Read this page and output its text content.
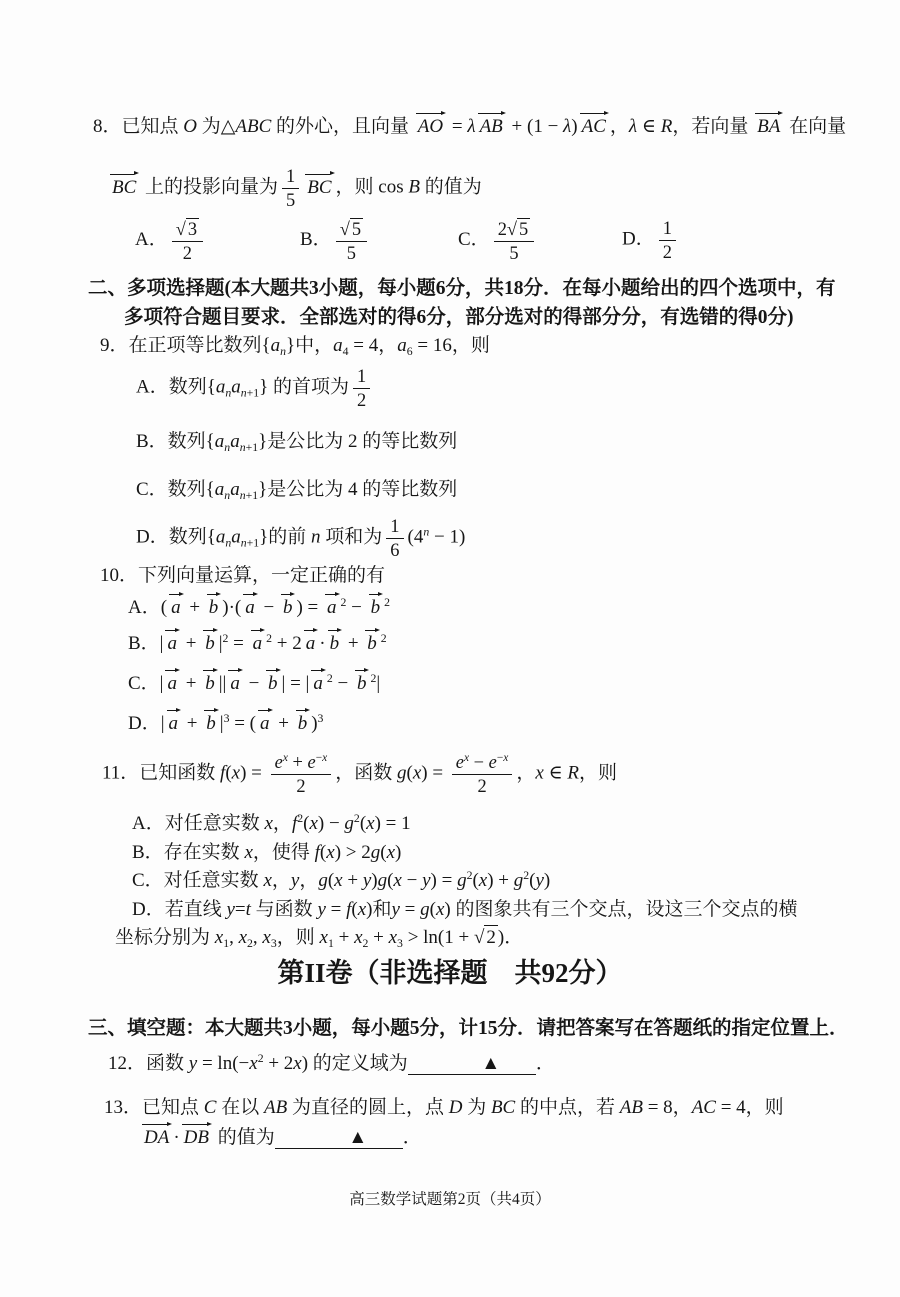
8．已知点 O 为△ABC 的外心，且向量 AO = λ AB + (1 − λ) AC ，λ ∈ R，若向量 BA 在向量
BC 上的投影向量为 $\frac{1}{5}$ BC ，则 cos B 的值为
A． $\frac{√ 3}{2}$	B． $\frac{√ 5}{5}$	C． $\frac{2√ 5}{5}$	D． $\frac{1}{2}$
二、多项选择题(本大题共3小题，每小题6分，共18分．在每小题给出的四个选项中，有
多项符合题目要求．全部选对的得6分，部分选对的得部分分，有选错的得0分)
9．在正项等比数列$\{a_n\}$中，$a_4 = 4$，$a_6 = 16$，则
A．数列$\{a_na_{n+1}\}$ 的首项为 $\frac{1}{2}$
B．数列$\{a_na_{n+1}\}$是公比为 2 的等比数列
C．数列$\{a_na_{n+1}\}$是公比为 4 的等比数列
D．数列$\{a_na_{n+1}\}$的前 n 项和为 $\frac{1}{6} (4^n - 1)$
10．下列向量运算，一定正确的有
A．( a + b )·( a − b ) = a $^2$ − b $^2$
B．| a + b $|^2 = a$ $^2$ + 2 a · b + b $^2$
C．| a + b || a − b | = | a $^2$ − b $^2$|
D．| a + b $|^3$ = ( a + b )$^3$
11．已知函数 $f(x) = \frac{e^x + e^{-x}}{2}$ ，函数 $g(x) = \frac{e^x - e^{-x}}{2}$ ，x ∈ R，则
A．对任意实数 x，$f^2(x) - g^2(x) = 1$
B．存在实数 x，使得 f(x) > 2g(x)
C．对任意实数 x，y，$g(x + y)g(x - y) = g^2(x) + g^2(y)$
D．若直线 y=t 与函数 y = f(x)和y = g(x) 的图象共有三个交点，设这三个交点的横
坐标分别为 $x_1$, $x_2$, $x_3$，则 $x_1 + x_2 + x_3 > \ln(1$ + √ 2 )．
第II卷（非选择题　共92分）
三、填空题：本大题共3小题，每小题5分，计15分．请把答案写在答题纸的指定位置上．
12．函数 $y = \ln(-x^2 + 2x)$ 的定义域为　　▲　　．
13．已知点 C 在以 AB 为直径的圆上，点 D 为 BC 的中点，若 AB = 8，AC = 4，则
DA · DB 的值为　　▲　　．
高三数学试题第2页（共4页）
